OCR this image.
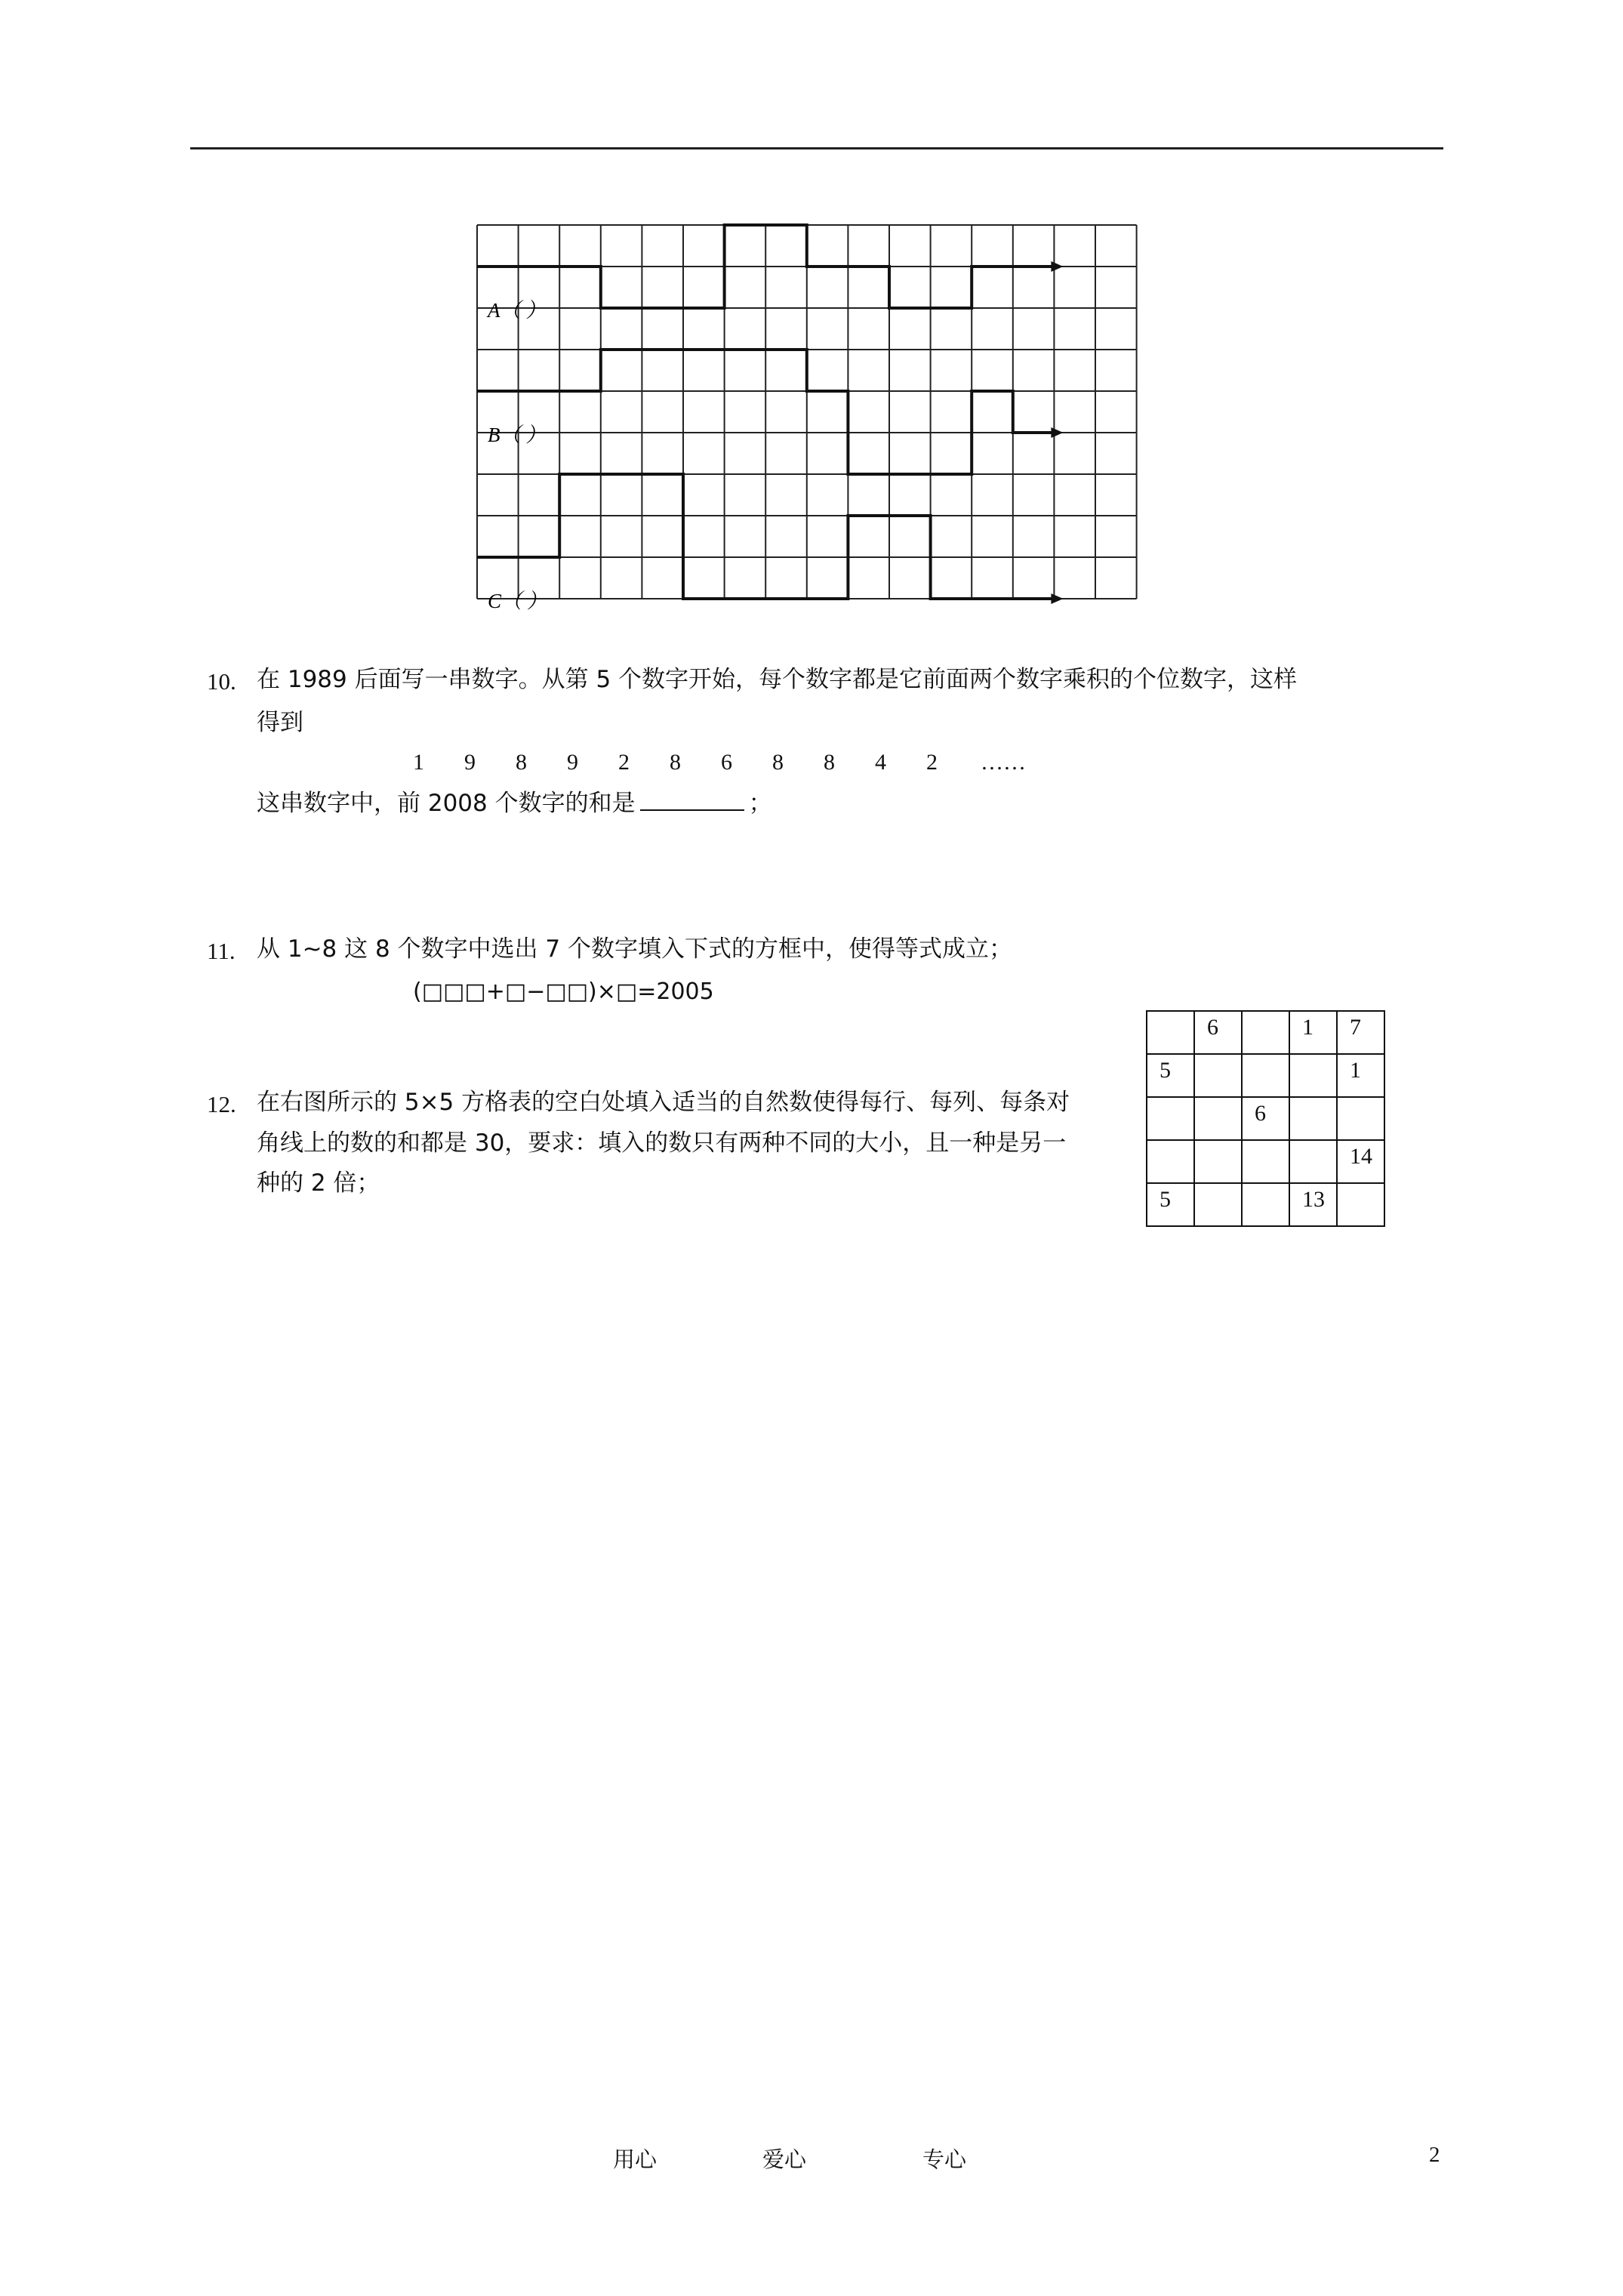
A（ ）
B（ ）
C（ ）
10. 在 1989 后面写一串数字。从第 5 个数字开始，每个数字都是它前面两个数字乘积的个位数字，这样
得到
1 9 8 9 2 8 6 8 8 4 2 ……
这串数字中，前 2008 个数字的和是	；
11. 从 1~8 这 8 个数字中选出 7 个数字填入下式的方框中，使得等式成立；
(□□□+□−□□)×□=2005
12. 在右图所示的 5×5 方格表的空白处填入适当的自然数使得每行、每列、每条对
角线上的数的和都是 30，要求：填入的数只有两种不同的大小，且一种是另一
种的 2 倍；

	6		1	7

5				1

		6		

				14

5			13	

用心	爱心	专心	2
